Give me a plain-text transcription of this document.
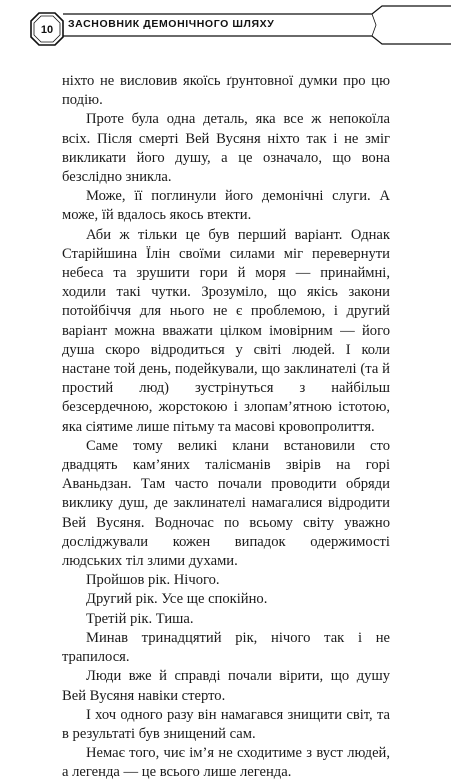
10	ЗАСНОВНИК ДЕМОНІЧНОГО ШЛЯХУ

ніхто не висловив якоїсь ґрунтовної думки про цю подію.

Проте була одна деталь, яка все ж непокоїла всіх. Після смерті Вей Вусяня ніхто так і не зміг викликати його душу, а це означало, що вона безслідно зникла.

Може, її поглинули його демонічні слуги. А може, їй вдалось якось втекти.

Аби ж тільки це був перший варіант. Однак Старійшина Їлін своїми силами міг перевернути небеса та зрушити гори й моря — принаймні, ходили такі чутки. Зрозуміло, що якісь закони потойбіччя для нього не є проблемою, і другий варіант можна вважати цілком імовірним — його душа скоро відродиться у світі людей. І коли настане той день, подейкували, що заклинателі (та й простий люд) зустрінуться з найбільш безсердечною, жорстокою і злопам’ятною істотою, яка сіятиме лише пітьму та масові кровопролиття.

Саме тому великі клани встановили сто двадцять кам’яних талісманів звірів на горі Аваньдзан. Там часто почали проводити обряди виклику душ, де заклинателі намагалися відродити Вей Вусяня. Водночас по всьому світу уважно досліджували кожен випадок одержимості людських тіл злими духами.

Пройшов рік. Нічого.

Другий рік. Усе ще спокійно.

Третій рік. Тиша.

Минав тринадцятий рік, нічого так і не трапилося.

Люди вже й справді почали вірити, що душу Вей Вусяня навіки стерто.

І хоч одного разу він намагався знищити світ, та в результаті був знищений сам.

Немає того, чиє ім’я не сходитиме з вуст людей, а легенда — це всього лише легенда.
